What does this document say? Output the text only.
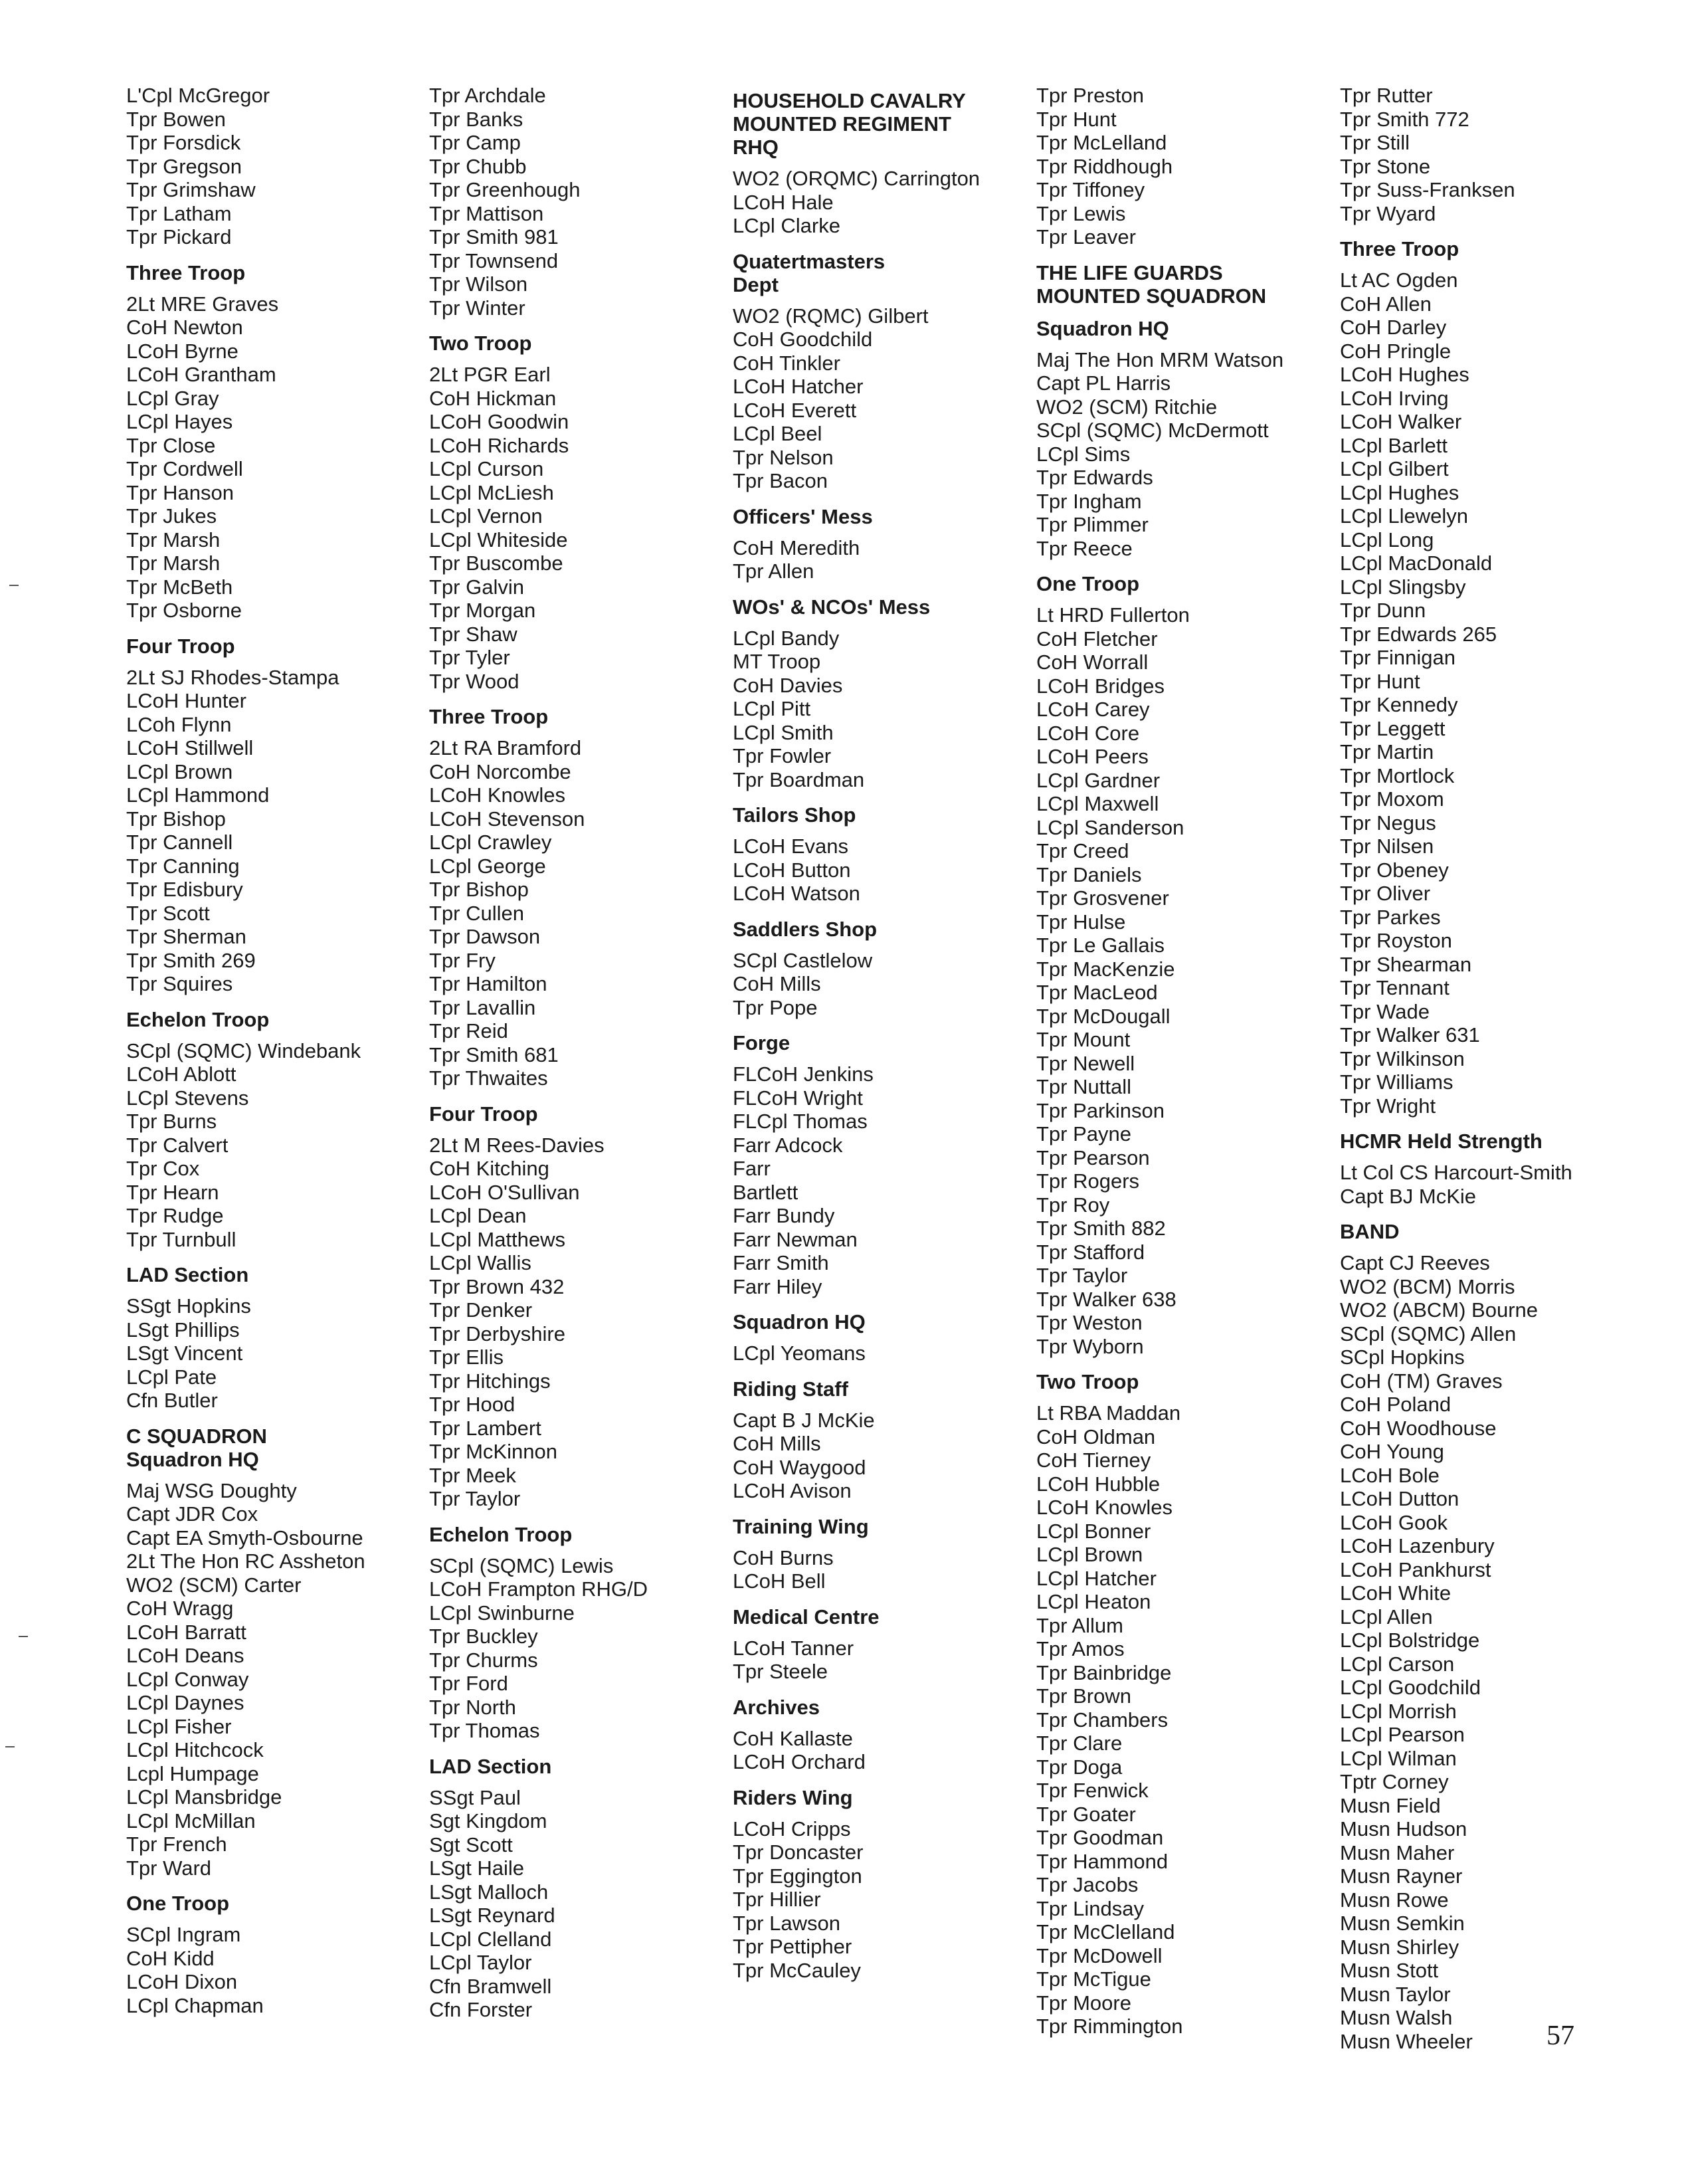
L'Cpl McGregor
Tpr Bowen
Tpr Forsdick
Tpr Gregson
Tpr Grimshaw
Tpr Latham
Tpr Pickard
Three Troop
2Lt MRE Graves
CoH Newton
LCoH Byrne
LCoH Grantham
LCpl Gray
LCpl Hayes
Tpr Close
Tpr Cordwell
Tpr Hanson
Tpr Jukes
Tpr Marsh
Tpr Marsh
Tpr McBeth
Tpr Osborne
Four Troop
2Lt SJ Rhodes-Stampa
LCoH Hunter
LCoh Flynn
LCoH Stillwell
LCpl Brown
LCpl Hammond
Tpr Bishop
Tpr Cannell
Tpr Canning
Tpr Edisbury
Tpr Scott
Tpr Sherman
Tpr Smith 269
Tpr Squires
Echelon Troop
SCpl (SQMC) Windebank
LCoH Ablott
LCpl Stevens
Tpr Burns
Tpr Calvert
Tpr Cox
Tpr Hearn
Tpr Rudge
Tpr Turnbull
LAD Section
SSgt Hopkins
LSgt Phillips
LSgt Vincent
LCpl Pate
Cfn Butler
C SQUADRON
Squadron HQ
Maj WSG Doughty
Capt JDR Cox
Capt EA Smyth-Osbourne
2Lt The Hon RC Assheton
WO2 (SCM) Carter
CoH Wragg
LCoH Barratt
LCoH Deans
LCpl Conway
LCpl Daynes
LCpl Fisher
LCpl Hitchcock
Lcpl Humpage
LCpl Mansbridge
LCpl McMillan
Tpr French
Tpr Ward
One Troop
SCpl Ingram
CoH Kidd
LCoH Dixon
LCpl Chapman
Tpr Archdale
Tpr Banks
Tpr Camp
Tpr Chubb
Tpr Greenhough
Tpr Mattison
Tpr Smith 981
Tpr Townsend
Tpr Wilson
Tpr Winter
Two Troop
2Lt PGR Earl
CoH Hickman
LCoH Goodwin
LCoH Richards
LCpl Curson
LCpl McLiesh
LCpl Vernon
LCpl Whiteside
Tpr Buscombe
Tpr Galvin
Tpr Morgan
Tpr Shaw
Tpr Tyler
Tpr Wood
Three Troop
2Lt RA Bramford
CoH Norcombe
LCoH Knowles
LCoH Stevenson
LCpl Crawley
LCpl George
Tpr Bishop
Tpr Cullen
Tpr Dawson
Tpr Fry
Tpr Hamilton
Tpr Lavallin
Tpr Reid
Tpr Smith 681
Tpr Thwaites
Four Troop
2Lt M Rees-Davies
CoH Kitching
LCoH O'Sullivan
LCpl Dean
LCpl Matthews
LCpl Wallis
Tpr Brown 432
Tpr Denker
Tpr Derbyshire
Tpr Ellis
Tpr Hitchings
Tpr Hood
Tpr Lambert
Tpr McKinnon
Tpr Meek
Tpr Taylor
Echelon Troop
SCpl (SQMC) Lewis
LCoH Frampton RHG/D
LCpl Swinburne
Tpr Buckley
Tpr Churms
Tpr Ford
Tpr North
Tpr Thomas
LAD Section
SSgt Paul
Sgt Kingdom
Sgt Scott
LSgt Haile
LSgt Malloch
LSgt Reynard
LCpl Clelland
LCpl Taylor
Cfn Bramwell
Cfn Forster
HOUSEHOLD CAVALRY
MOUNTED REGIMENT
RHQ
WO2 (ORQMC) Carrington
LCoH Hale
LCpl Clarke
Quatertmasters
Dept
WO2 (RQMC) Gilbert
CoH Goodchild
CoH Tinkler
LCoH Hatcher
LCoH Everett
LCpl Beel
Tpr Nelson
Tpr Bacon
Officers' Mess
CoH Meredith
Tpr Allen
WOs' & NCOs' Mess
LCpl Bandy
MT Troop
CoH Davies
LCpl Pitt
LCpl Smith
Tpr Fowler
Tpr Boardman
Tailors Shop
LCoH Evans
LCoH Button
LCoH Watson
Saddlers Shop
SCpl Castlelow
CoH Mills
Tpr Pope
Forge
FLCoH Jenkins
FLCoH Wright
FLCpl Thomas
Farr Adcock
Farr
Bartlett
Farr Bundy
Farr Newman
Farr Smith
Farr Hiley
Squadron HQ
LCpl Yeomans
Riding Staff
Capt B J McKie
CoH Mills
CoH Waygood
LCoH Avison
Training Wing
CoH Burns
LCoH Bell
Medical Centre
LCoH Tanner
Tpr Steele
Archives
CoH Kallaste
LCoH Orchard
Riders Wing
LCoH Cripps
Tpr Doncaster
Tpr Eggington
Tpr Hillier
Tpr Lawson
Tpr Pettipher
Tpr McCauley
Tpr Preston
Tpr Hunt
Tpr McLelland
Tpr Riddhough
Tpr Tiffoney
Tpr Lewis
Tpr Leaver
THE LIFE GUARDS
MOUNTED SQUADRON
Squadron HQ
Maj The Hon MRM Watson
Capt PL Harris
WO2 (SCM) Ritchie
SCpl (SQMC) McDermott
LCpl Sims
Tpr Edwards
Tpr Ingham
Tpr Plimmer
Tpr Reece
One Troop
Lt HRD Fullerton
CoH Fletcher
CoH Worrall
LCoH Bridges
LCoH Carey
LCoH Core
LCoH Peers
LCpl Gardner
LCpl Maxwell
LCpl Sanderson
Tpr Creed
Tpr Daniels
Tpr Grosvener
Tpr Hulse
Tpr Le Gallais
Tpr MacKenzie
Tpr MacLeod
Tpr McDougall
Tpr Mount
Tpr Newell
Tpr Nuttall
Tpr Parkinson
Tpr Payne
Tpr Pearson
Tpr Rogers
Tpr Roy
Tpr Smith 882
Tpr Stafford
Tpr Taylor
Tpr Walker 638
Tpr Weston
Tpr Wyborn
Two Troop
Lt RBA Maddan
CoH Oldman
CoH Tierney
LCoH Hubble
LCoH Knowles
LCpl Bonner
LCpl Brown
LCpl Hatcher
LCpl Heaton
Tpr Allum
Tpr Amos
Tpr Bainbridge
Tpr Brown
Tpr Chambers
Tpr Clare
Tpr Doga
Tpr Fenwick
Tpr Goater
Tpr Goodman
Tpr Hammond
Tpr Jacobs
Tpr Lindsay
Tpr McClelland
Tpr McDowell
Tpr McTigue
Tpr Moore
Tpr Rimmington
Tpr Rutter
Tpr Smith 772
Tpr Still
Tpr Stone
Tpr Suss-Franksen
Tpr Wyard
Three Troop
Lt AC Ogden
CoH Allen
CoH Darley
CoH Pringle
LCoH Hughes
LCoH Irving
LCoH Walker
LCpl Barlett
LCpl Gilbert
LCpl Hughes
LCpl Llewelyn
LCpl Long
LCpl MacDonald
LCpl Slingsby
Tpr Dunn
Tpr Edwards 265
Tpr Finnigan
Tpr Hunt
Tpr Kennedy
Tpr Leggett
Tpr Martin
Tpr Mortlock
Tpr Moxom
Tpr Negus
Tpr Nilsen
Tpr Obeney
Tpr Oliver
Tpr Parkes
Tpr Royston
Tpr Shearman
Tpr Tennant
Tpr Wade
Tpr Walker 631
Tpr Wilkinson
Tpr Williams
Tpr Wright
HCMR Held Strength
Lt Col CS Harcourt-Smith
Capt BJ McKie
BAND
Capt CJ Reeves
WO2 (BCM) Morris
WO2 (ABCM) Bourne
SCpl (SQMC) Allen
SCpl Hopkins
CoH (TM) Graves
CoH Poland
CoH Woodhouse
CoH Young
LCoH Bole
LCoH Dutton
LCoH Gook
LCoH Lazenbury
LCoH Pankhurst
LCoH White
LCpl Allen
LCpl Bolstridge
LCpl Carson
LCpl Goodchild
LCpl Morrish
LCpl Pearson
LCpl Wilman
Tptr Corney
Musn Field
Musn Hudson
Musn Maher
Musn Rayner
Musn Rowe
Musn Semkin
Musn Shirley
Musn Stott
Musn Taylor
Musn Walsh
Musn Wheeler	57
